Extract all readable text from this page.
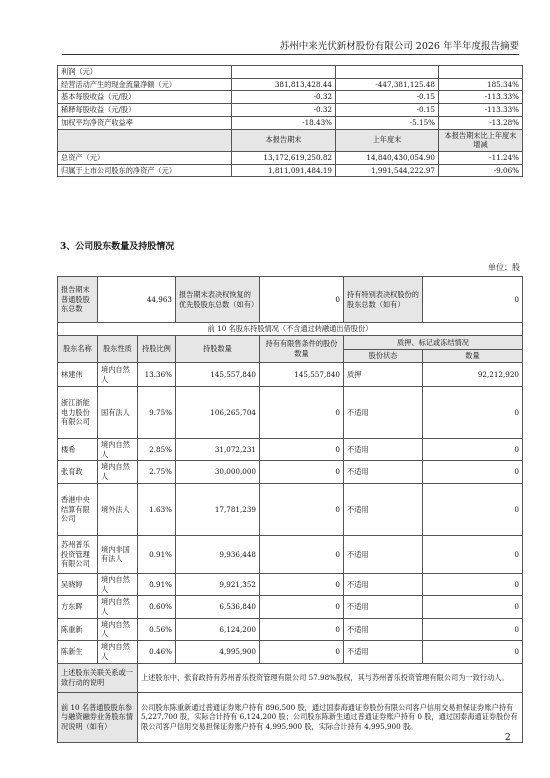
苏州中来光伏新材股份有限公司 2026 年半年度报告摘要
利润（元）			
经营活动产生的现金流量净额（元）	381,813,428.44	-447,381,125.48	185.34%
基本每股收益（元/股）	-0.32	-0.15	-113.33%
稀释每股收益（元/股）	-0.32	-0.15	-113.33%
加权平均净资产收益率	-18.43%	-5.15%	-13.28%
	本报告期末	上年度末	本报告期末比上年度末增减
总资产（元）	13,172,619,250.82	14,840,430,054.90	-11.24%
归属于上市公司股东的净资产（元）	1,811,091,484.19	1,991,544,222.97	-9.06%
3、公司股东数量及持股情况
单位：股
报告期末普通股股东总数	44,963		报告期末表决权恢复的优先股股东总数（如有）	0	持有特别表决权股份的股东总数（如有）	0
前 10 名股东持股情况（不含通过转融通出借股份）						
股东名称	股东性质	持股比例	持股数量	持有有限售条件的股份数量	质押、标记或冻结情况	
					股份状态	数量
林建伟	境内自然人	13.36%	145,557,840	145,557,840	质押	92,212,920
浙江浙能电力股份有限公司	国有法人	9.75%	106,265,704	0	不适用	0
楼希	境内自然人	2.85%	31,072,231	0	不适用	0
张育政	境内自然人	2.75%	30,000,000	0	不适用	0
香港中央结算有限公司	境外法人	1.63%	17,781,239	0	不适用	0
苏州普乐投资管理有限公司	境内非国有法人	0.91%	9,936,448	0	不适用	0
吴晓婷	境内自然人	0.91%	9,921,352	0	不适用	0
方东晖	境内自然人	0.60%	6,536,840	0	不适用	0
陈重新	境内自然人	0.56%	6,124,200	0	不适用	0
陈新生	境内自然人	0.46%	4,995,900	0	不适用	0
上述股东关联关系或一致行动的说明		上述股东中，张育政持有苏州普乐投资管理有限公司 57.98%股权，其与苏州普乐投资管理有限公司为一致行动人。				
前 10 名普通股股东参与融资融券业务股东情况说明（如有）		公司股东陈重新通过普通证券账户持有 896,500 股，通过国泰海通证券股份有限公司客户信用交易担保证券账户持有 5,227,700 股，实际合计持有 6,124,200 股；公司股东陈新生通过普通证券账户持有 0 股，通过国泰海通证券股份有限公司客户信用交易担保证券账户持有 4,995,900 股，实际合计持有 4,995,900 股。				
2
